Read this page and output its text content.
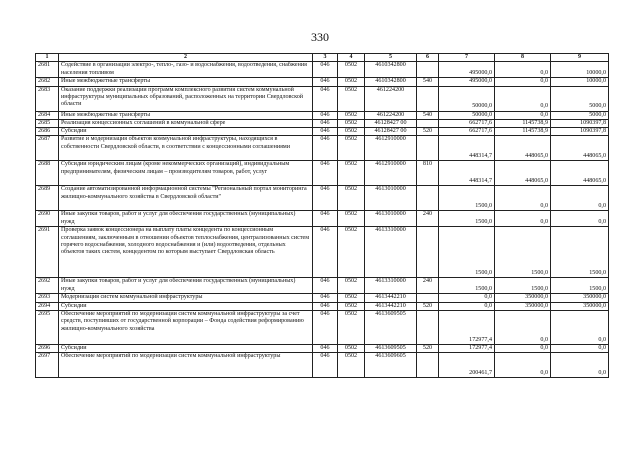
330
1	2	3	4	5	6	7	8	9
2681	Содействие в организации электро-, тепло-, газо- и водоснабжения, водоотведения, снабжения населения топливом	046	0502	4610342800		495000,0	0,0	10000,0
2682	Иные межбюджетные трансферты	046	0502	4610342800	540	495000,0	0,0	10000,0
2683	Оказание поддержки реализации программ комплексного развития систем коммунальной инфраструктуры муниципальных образований, расположенных на территории Свердловской области	046	0502	461224200		50000,0	0,0	5000,0
2684	Иные межбюджетные трансферты	046	0502	461224200	540	50000,0	0,0	5000,0
2685	Реализация концессионных соглашений в коммунальной сфере	046	0502	46128427 00		662717,6	1145738,9	1090397,8
2686	Субсидии	046	0502	46128427 00	520	662717,6	1145738,9	1090397,8
2687	Развитие и модернизация объектов коммунальной инфраструктуры, находящихся в собственности Свердловской области, в соответствии с концессионными соглашениями	046	0502	4612910000		448314,7	448065,0	448065,0
2688	Субсидии юридическим лицам (кроме некоммерческих организаций), индивидуальным предпринимателям, физическим лицам – производителям товаров, работ, услуг	046	0502	4612910000	810	448314,7	448065,0	448065,0
2689	Создание автоматизированной информационной системы "Региональный портал мониторинга жилищно-коммунального хозяйства в Свердловской области"	046	0502	4613010000		1500,0	0,0	0,0
2690	Иные закупки товаров, работ и услуг для обеспечения государственных (муниципальных) нужд	046	0502	4613010000	240	1500,0	0,0	0,0
2691	Проверка заявок концессионера на выплату платы концедента по концессионным соглашениям, заключенным в отношении объектов теплоснабжения, централизованных систем горячего водоснабжения, холодного водоснабжения и (или) водоотведения, отдельных объектов таких систем, концедентом по которым выступает Свердловская область	046	0502	4613310000		1500,0	1500,0	1500,0
2692	Иные закупки товаров, работ и услуг для обеспечения государственных (муниципальных) нужд	046	0502	4613310000	240	1500,0	1500,0	1500,0
2693	Модернизация систем коммунальной инфраструктуры	046	0502	4613442210		0,0	350000,0	350000,0
2694	Субсидии	046	0502	4613442210	520	0,0	350000,0	350000,0
2695	Обеспечение мероприятий по модернизации систем коммунальной инфраструктуры за счет средств, поступивших от государственной корпорации – Фонда содействия реформированию жилищно-коммунального хозяйства	046	0502	4613609505		172977,4	0,0	0,0
2696	Субсидии	046	0502	4613609505	520	172977,4	0,0	0,0
2697	Обеспечение мероприятий по модернизации систем коммунальной инфраструктуры	046	0502	4613609605		200461,7	0,0	0,0
